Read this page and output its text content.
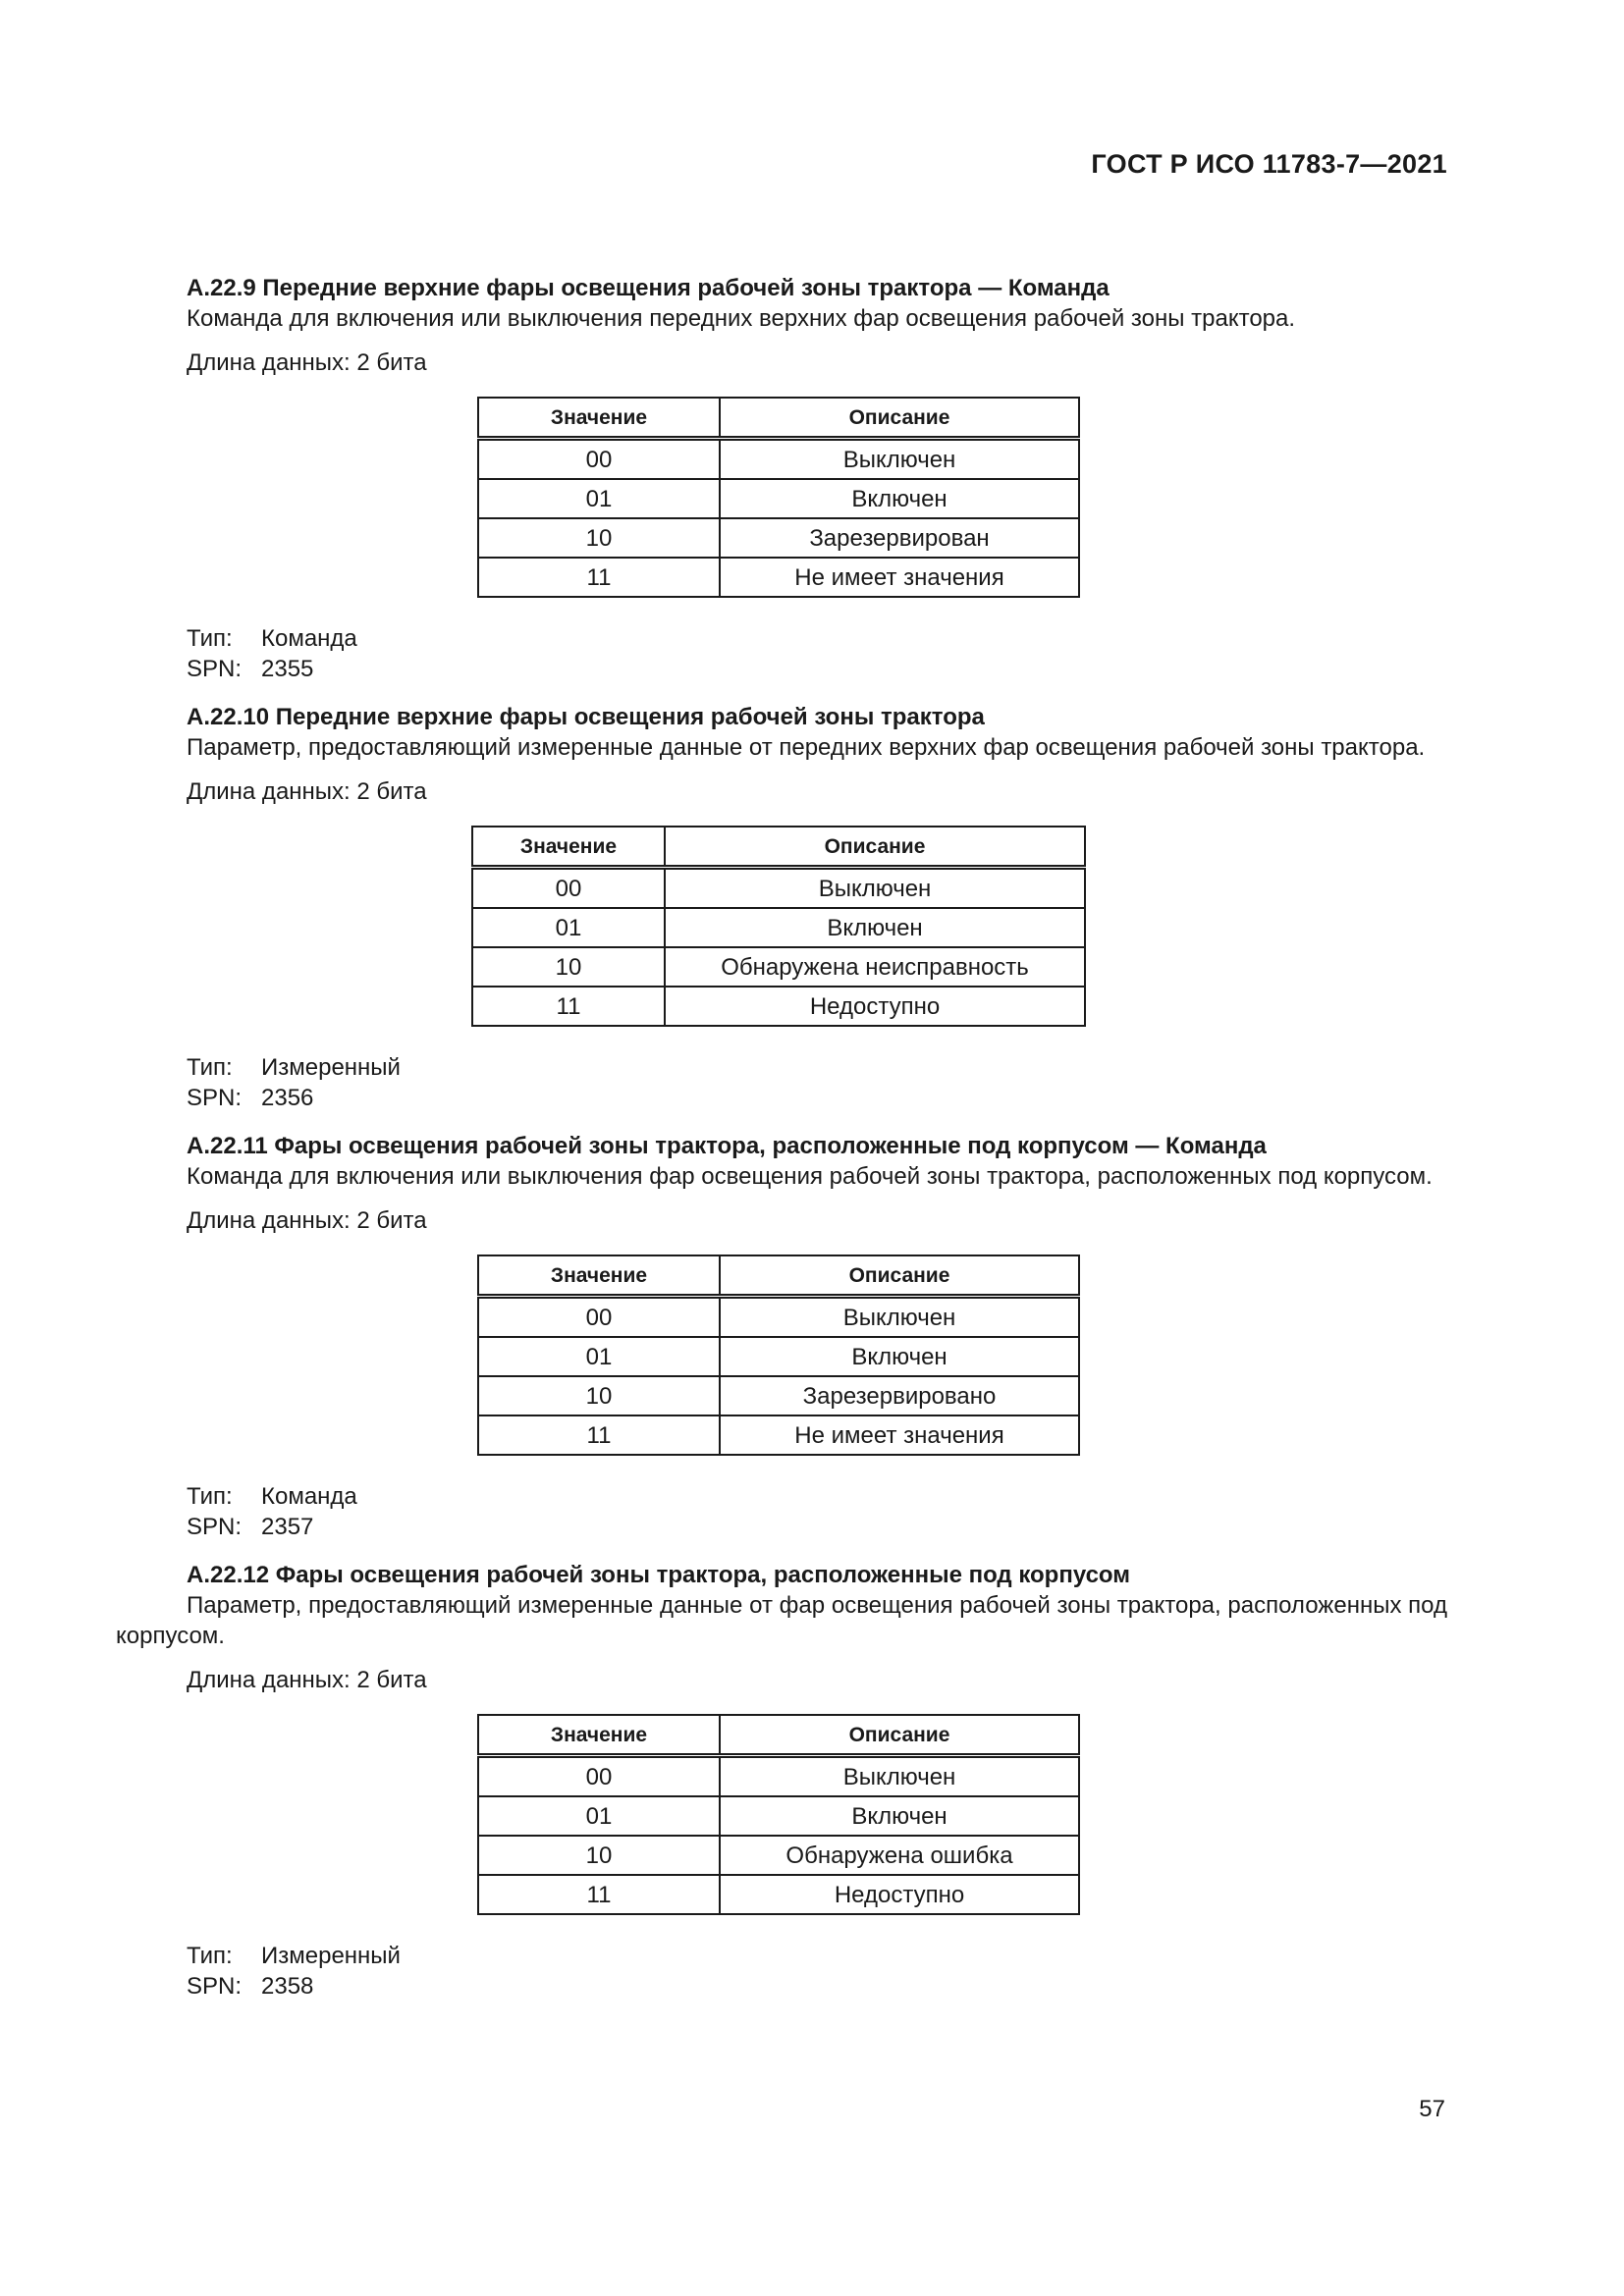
ГОСТ Р ИСО 11783-7—2021

А.22.9 Передние верхние фары освещения рабочей зоны трактора — Команда

Команда для включения или выключения передних верхних фар освещения рабочей зоны трактора.

Длина данных: 2 бита

Значение	Описание
00	Выключен
01	Включен
10	Зарезервирован
11	Не имеет значения
Тип: Команда
SPN: 2355

А.22.10 Передние верхние фары освещения рабочей зоны трактора

Параметр, предоставляющий измеренные данные от передних верхних фар освещения рабочей зоны трактора.

Длина данных: 2 бита

Значение	Описание
00	Выключен
01	Включен
10	Обнаружена неисправность
11	Недоступно
Тип: Измеренный
SPN: 2356

А.22.11 Фары освещения рабочей зоны трактора, расположенные под корпусом — Команда

Команда для включения или выключения фар освещения рабочей зоны трактора, расположенных под корпусом.

Длина данных: 2 бита

Значение	Описание
00	Выключен
01	Включен
10	Зарезервировано
11	Не имеет значения
Тип: Команда
SPN: 2357

А.22.12 Фары освещения рабочей зоны трактора, расположенные под корпусом

Параметр, предоставляющий измеренные данные от фар освещения рабочей зоны трактора, расположенных под корпусом.

Длина данных: 2 бита

Значение	Описание
00	Выключен
01	Включен
10	Обнаружена ошибка
11	Недоступно
Тип: Измеренный
SPN: 2358
57
